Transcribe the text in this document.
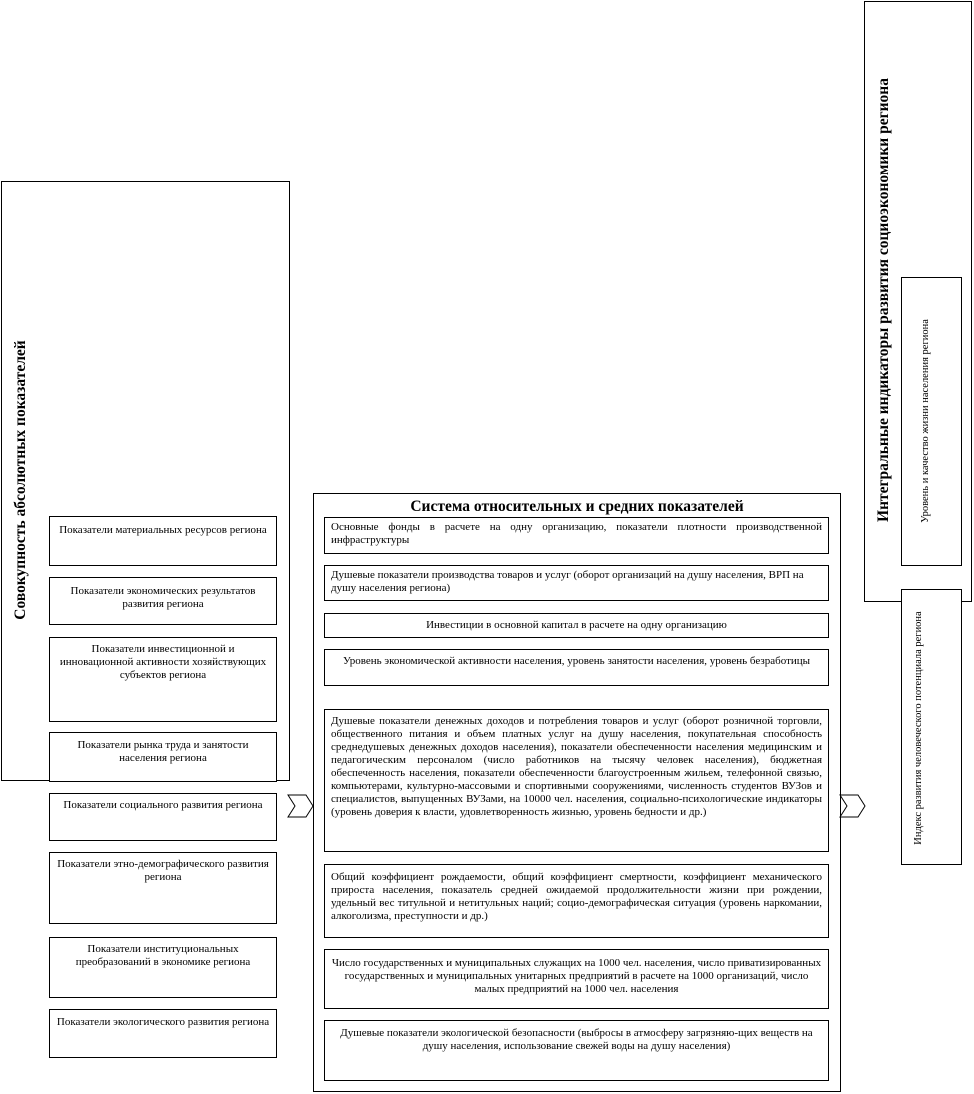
Совокупность абсолютных показателей	Показатели материальных ресурсов региона
Показатели экономических результатов развития региона
Показатели инвестиционной и инновационной активности хозяйствующих субъектов региона
Показатели рынка труда и занятости населения региона
Показатели социального развития региона
Показатели этно-демографического развития региона
Показатели институциональных преобразований в экономике региона
Показатели экологического развития региона
Система относительных и средних показателей
Основные фонды в расчете на одну организацию, показатели плотности производственной инфраструктуры
Душевые показатели производства товаров и услуг (оборот организаций на душу населения, ВРП на душу населения региона)
Инвестиции в основной капитал в расчете на одну организацию
Уровень экономической активности населения, уровень занятости населения, уровень безработицы
Душевые показатели денежных доходов и потребления товаров и услуг (оборот розничной торговли, общественного питания и объем платных услуг на душу населения, покупательная способность среднедушевых денежных доходов населения), показатели обеспеченности населения медицинским и педагогическим персоналом (число работников на тысячу человек населения), бюджетная обеспеченность населения, показатели обеспеченности благоустроенным жильем, телефонной связью, компьютерами, культурно-массовыми и спортивными сооружениями, численность студентов ВУЗов и специалистов, выпущенных ВУЗами, на 10000 чел. населения, социально-психологические индикаторы (уровень доверия к власти, удовлетворенность жизнью, уровень бедности и др.)
Общий коэффициент рождаемости, общий коэффициент смертности, коэффициент механического прироста населения, показатель средней ожидаемой продолжительности жизни при рождении, удельный вес титульной и нетитульных наций; социо-демографическая ситуация (уровень наркомании, алкоголизма, преступности и др.)
Число государственных и муниципальных служащих на 1000 чел. населения, число приватизированных государственных и муниципальных унитарных предприятий в расчете на 1000 организаций, число малых предприятий на 1000 чел. населения
Душевые показатели экологической безопасности (выбросы в атмосферу загрязняю-щих веществ на душу населения, использование свежей воды на душу населения)
Интегральные индикаторы развития социоэкономики региона	Уровень и качество жизни населения региона
Индекс развития человеческого потенциала региона
